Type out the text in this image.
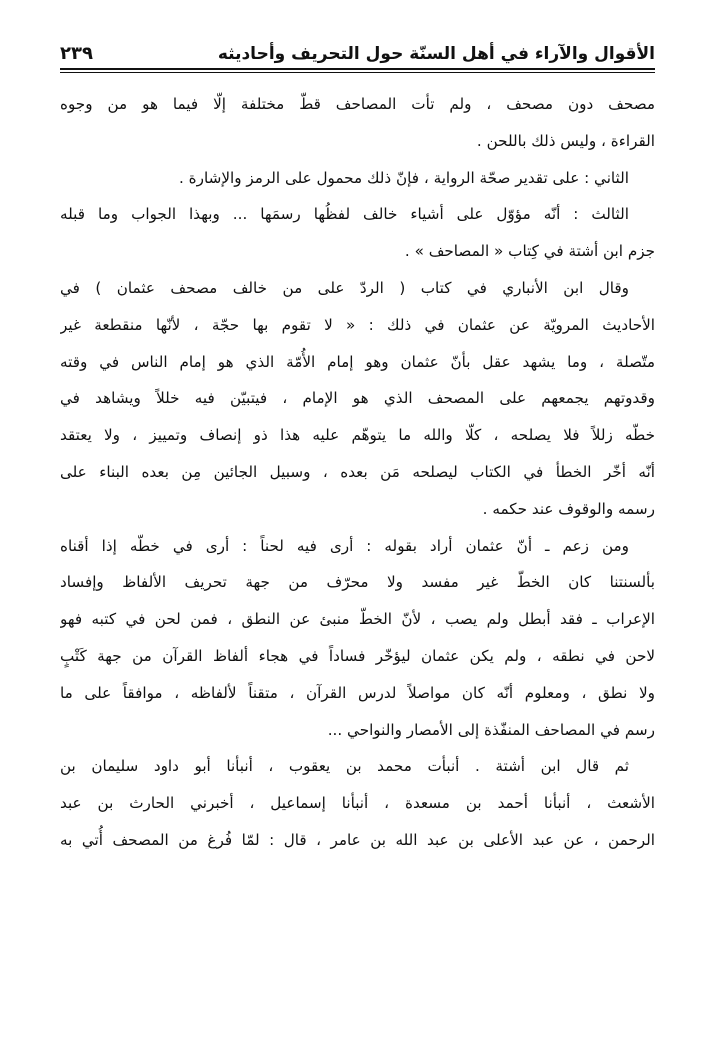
الأقوال والآراء في أهل السنّة حول التحريف وأحاديثه
٢٣٩
مصحف دون مصحف ، ولم تأت المصاحف قطّ مختلفة إلّا فيما هو من وجوه
القراءة ، وليس ذلك باللحن .
الثاني : على تقدير صحّة الرواية ، فإنّ ذلك محمول على الرمز والإشارة .
الثالث : أنّه مؤوّل على أشياء خالف لفظُها رسمَها ... وبهذا الجواب وما قبله
جزم ابن أشتة في كِتاب « المصاحف » .
وقال ابن الأنباري في كتاب ( الردّ على من خالف مصحف عثمان ) في
الأحاديث المرويّة عن عثمان في ذلك : « لا تقوم بها حجّة ، لأنّها منقطعة غير
متّصلة ، وما يشهد عقل بأنّ عثمان وهو إمام الأُمّة الذي هو إمام الناس في وقته
وقدوتهم يجمعهم على المصحف الذي هو الإمام ، فيتبيّن فيه خللاً ويشاهد في
خطّه زللاً فلا يصلحه ، كلّا والله ما يتوهّم عليه هذا ذو إنصاف وتمييز ، ولا يعتقد
أنّه أخّر الخطأ في الكتاب ليصلحه مَن بعده ، وسبيل الجائين مِن بعده البناء على
رسمه والوقوف عند حكمه .
ومن زعم ـ أنّ عثمان أراد بقوله : أرى فيه لحناً : أرى في خطّه إذا أقناه
بألسنتنا كان الخطّ غير مفسد ولا محرّف من جهة تحريف الألفاظ وإفساد
الإعراب ـ فقد أبطل ولم يصب ، لأنّ الخطّ منبئ عن النطق ، فمن لحن في كتبه فهو
لاحن في نطقه ، ولم يكن عثمان ليؤخّر فساداً في هجاء ألفاظ القرآن من جهة كَتْبٍ
ولا نطق ، ومعلوم أنّه كان مواصلاً لدرس القرآن ، متقناً لألفاظه ، موافقاً على ما
رسم في المصاحف المنفّذة إلى الأمصار والنواحي ...
ثم قال ابن أشتة . أنبأت محمد بن يعقوب ، أنبأنا أبو داود سليمان بن
الأشعث ، أنبأنا أحمد بن مسعدة ، أنبأنا إسماعيل ، أخبرني الحارث بن عبد
الرحمن ، عن عبد الأعلى بن عبد الله بن عامر ، قال : لمّا فُرغ من المصحف أُتي به
